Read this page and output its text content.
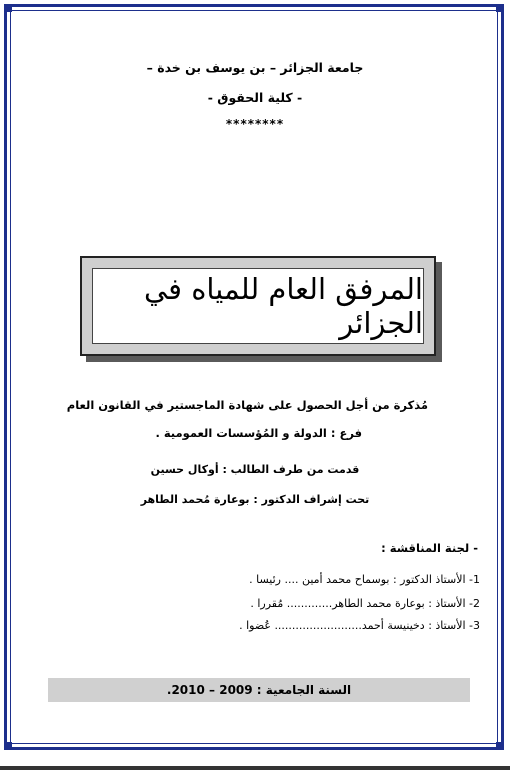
جامعة الجزائر – بن يوسف بن خدة –
- كلية الحقوق -
********
المرفق العام للمياه في الجزائر
مُذكرة من أجل الحصول على شهادة الماجستير في القانون العام
فرع : الدولة و المُؤسسات العمومية .
قدمت من طرف الطالب : أوكال حسين
تحت إشراف الدكتور : بوعارة مُحمد الطاهر
- لجنة المناقشة :
1- الأستاذ الدكتور : بوسماح محمد أمين .... رئيسا .
2- الأستاذ : بوعارة محمد الطاهر............. مُقررا .
3- الأستاذ : دخينيسة أحمد......................... عُضوا .
السنة الجامعية : 2009 – 2010.
